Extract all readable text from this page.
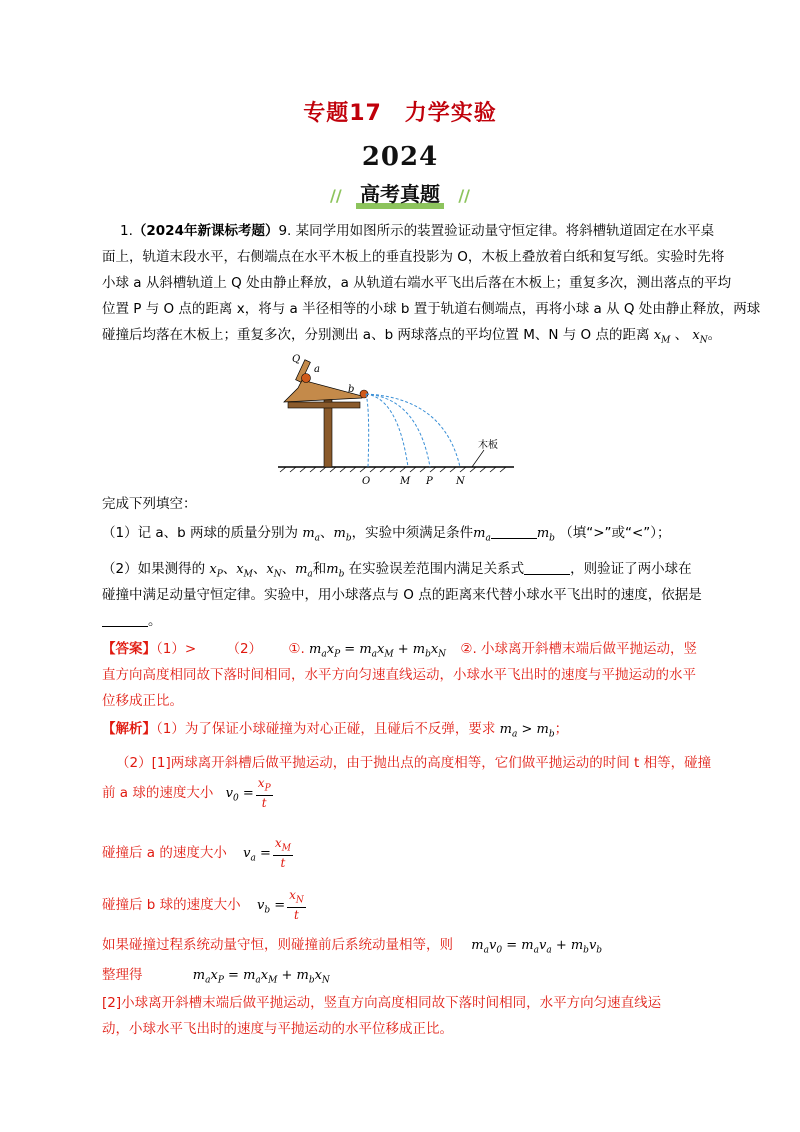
专题17　力学实验
2024
// 高考真题	//
1.（2024年新课标考题）9. 某同学用如图所示的装置验证动量守恒定律。将斜槽轨道固定在水平桌
面上，轨道末段水平，右侧端点在水平木板上的垂直投影为 O，木板上叠放着白纸和复写纸。实验时先将
小球 a 从斜槽轨道上 Q 处由静止释放，a 从轨道右端水平飞出后落在木板上；重复多次，测出落点的平均
位置 P 与 O 点的距离 x，将与 a 半径相等的小球 b 置于轨道右侧端点，再将小球 a 从 Q 处由静止释放，两球
碰撞后均落在木板上；重复多次，分别测出 a、b 两球落点的平均位置 M、N 与 O 点的距离 $x_M$ 、 $x_N$。
Q
a
b
木板
O	M P N
完成下列填空：
（1）记 a、b 两球的质量分别为 $m_a$、$m_b$，实验中须满足条件$m_a$	$m_b$ （填“>”或“<”）；
（2）如果测得的 $x_P$、$x_M$、$x_N$、$m_a$和$m_b$ 在实验误差范围内满足关系式	，则验证了两小球在
碰撞中满足动量守恒定律。实验中，用小球落点与 O 点的距离来代替小球水平飞出时的速度，依据是
。
【答案】（1）> （2） ①. $m_ax_P = m_ax_M + m_bx_N$ ②. 小球离开斜槽末端后做平抛运动，竖
直方向高度相同故下落时间相同，水平方向匀速直线运动，小球水平飞出时的速度与平抛运动的水平
位移成正比。
【解析】（1）为了保证小球碰撞为对心正碰，且碰后不反弹，要求 $m_a > m_b$；
（2）[1]两球离开斜槽后做平抛运动，由于抛出点的高度相等，它们做平抛运动的时间 t 相等，碰撞
前 a 球的速度大小 $v_0 = \frac{x_P}{t}$
碰撞后 a 的速度大小 $v_a = \frac{x_M}{t}$
碰撞后 b 球的速度大小 $v_b = \frac{x_N}{t}$
如果碰撞过程系统动量守恒，则碰撞前后系统动量相等，则 $m_av_0 = m_av_a + m_bv_b$
整理得	$m_ax_P = m_ax_M + m_bx_N$
[2]小球离开斜槽末端后做平抛运动，竖直方向高度相同故下落时间相同，水平方向匀速直线运
动，小球水平飞出时的速度与平抛运动的水平位移成正比。
